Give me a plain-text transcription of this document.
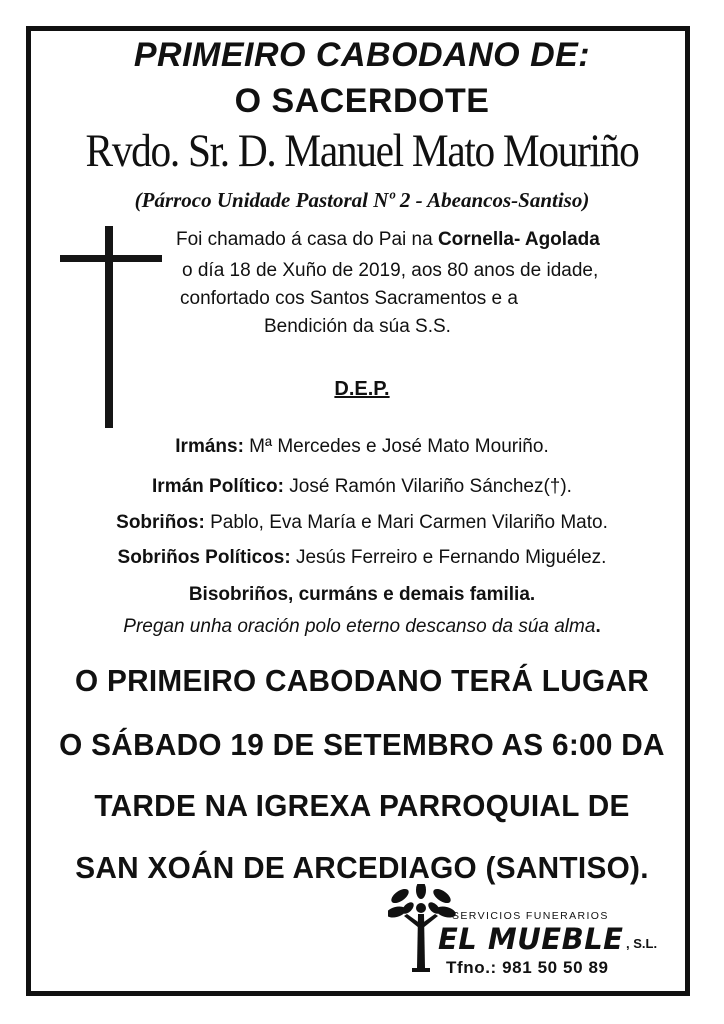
PRIMEIRO CABODANO DE:
O SACERDOTE
Rvdo. Sr. D. Manuel Mato Mouriño
(Párroco Unidade Pastoral Nº 2 - Abeancos-Santiso)
Foi chamado á casa do Pai na Cornella- Agolada
o día 18 de Xuño de 2019, aos 80 anos de idade,
confortado cos Santos Sacramentos e a
Bendición da súa S.S.
D.E.P.
Irmáns: Mª Mercedes e José Mato Mouriño.
Irmán Político: José Ramón Vilariño Sánchez(†).
Sobriños: Pablo, Eva María e Mari Carmen Vilariño Mato.
Sobriños Políticos: Jesús Ferreiro e Fernando Miguélez.
Bisobriños, curmáns e demais familia.
Pregan unha oración polo eterno descanso da súa alma.
O PRIMEIRO CABODANO TERÁ LUGAR
O SÁBADO 19 DE SETEMBRO AS 6:00 DA
TARDE NA IGREXA PARROQUIAL DE
SAN XOÁN DE ARCEDIAGO (SANTISO).
SERVICIOS FUNERARIOS
EL MUEBLE , S.L.
Tfno.: 981 50 50 89
